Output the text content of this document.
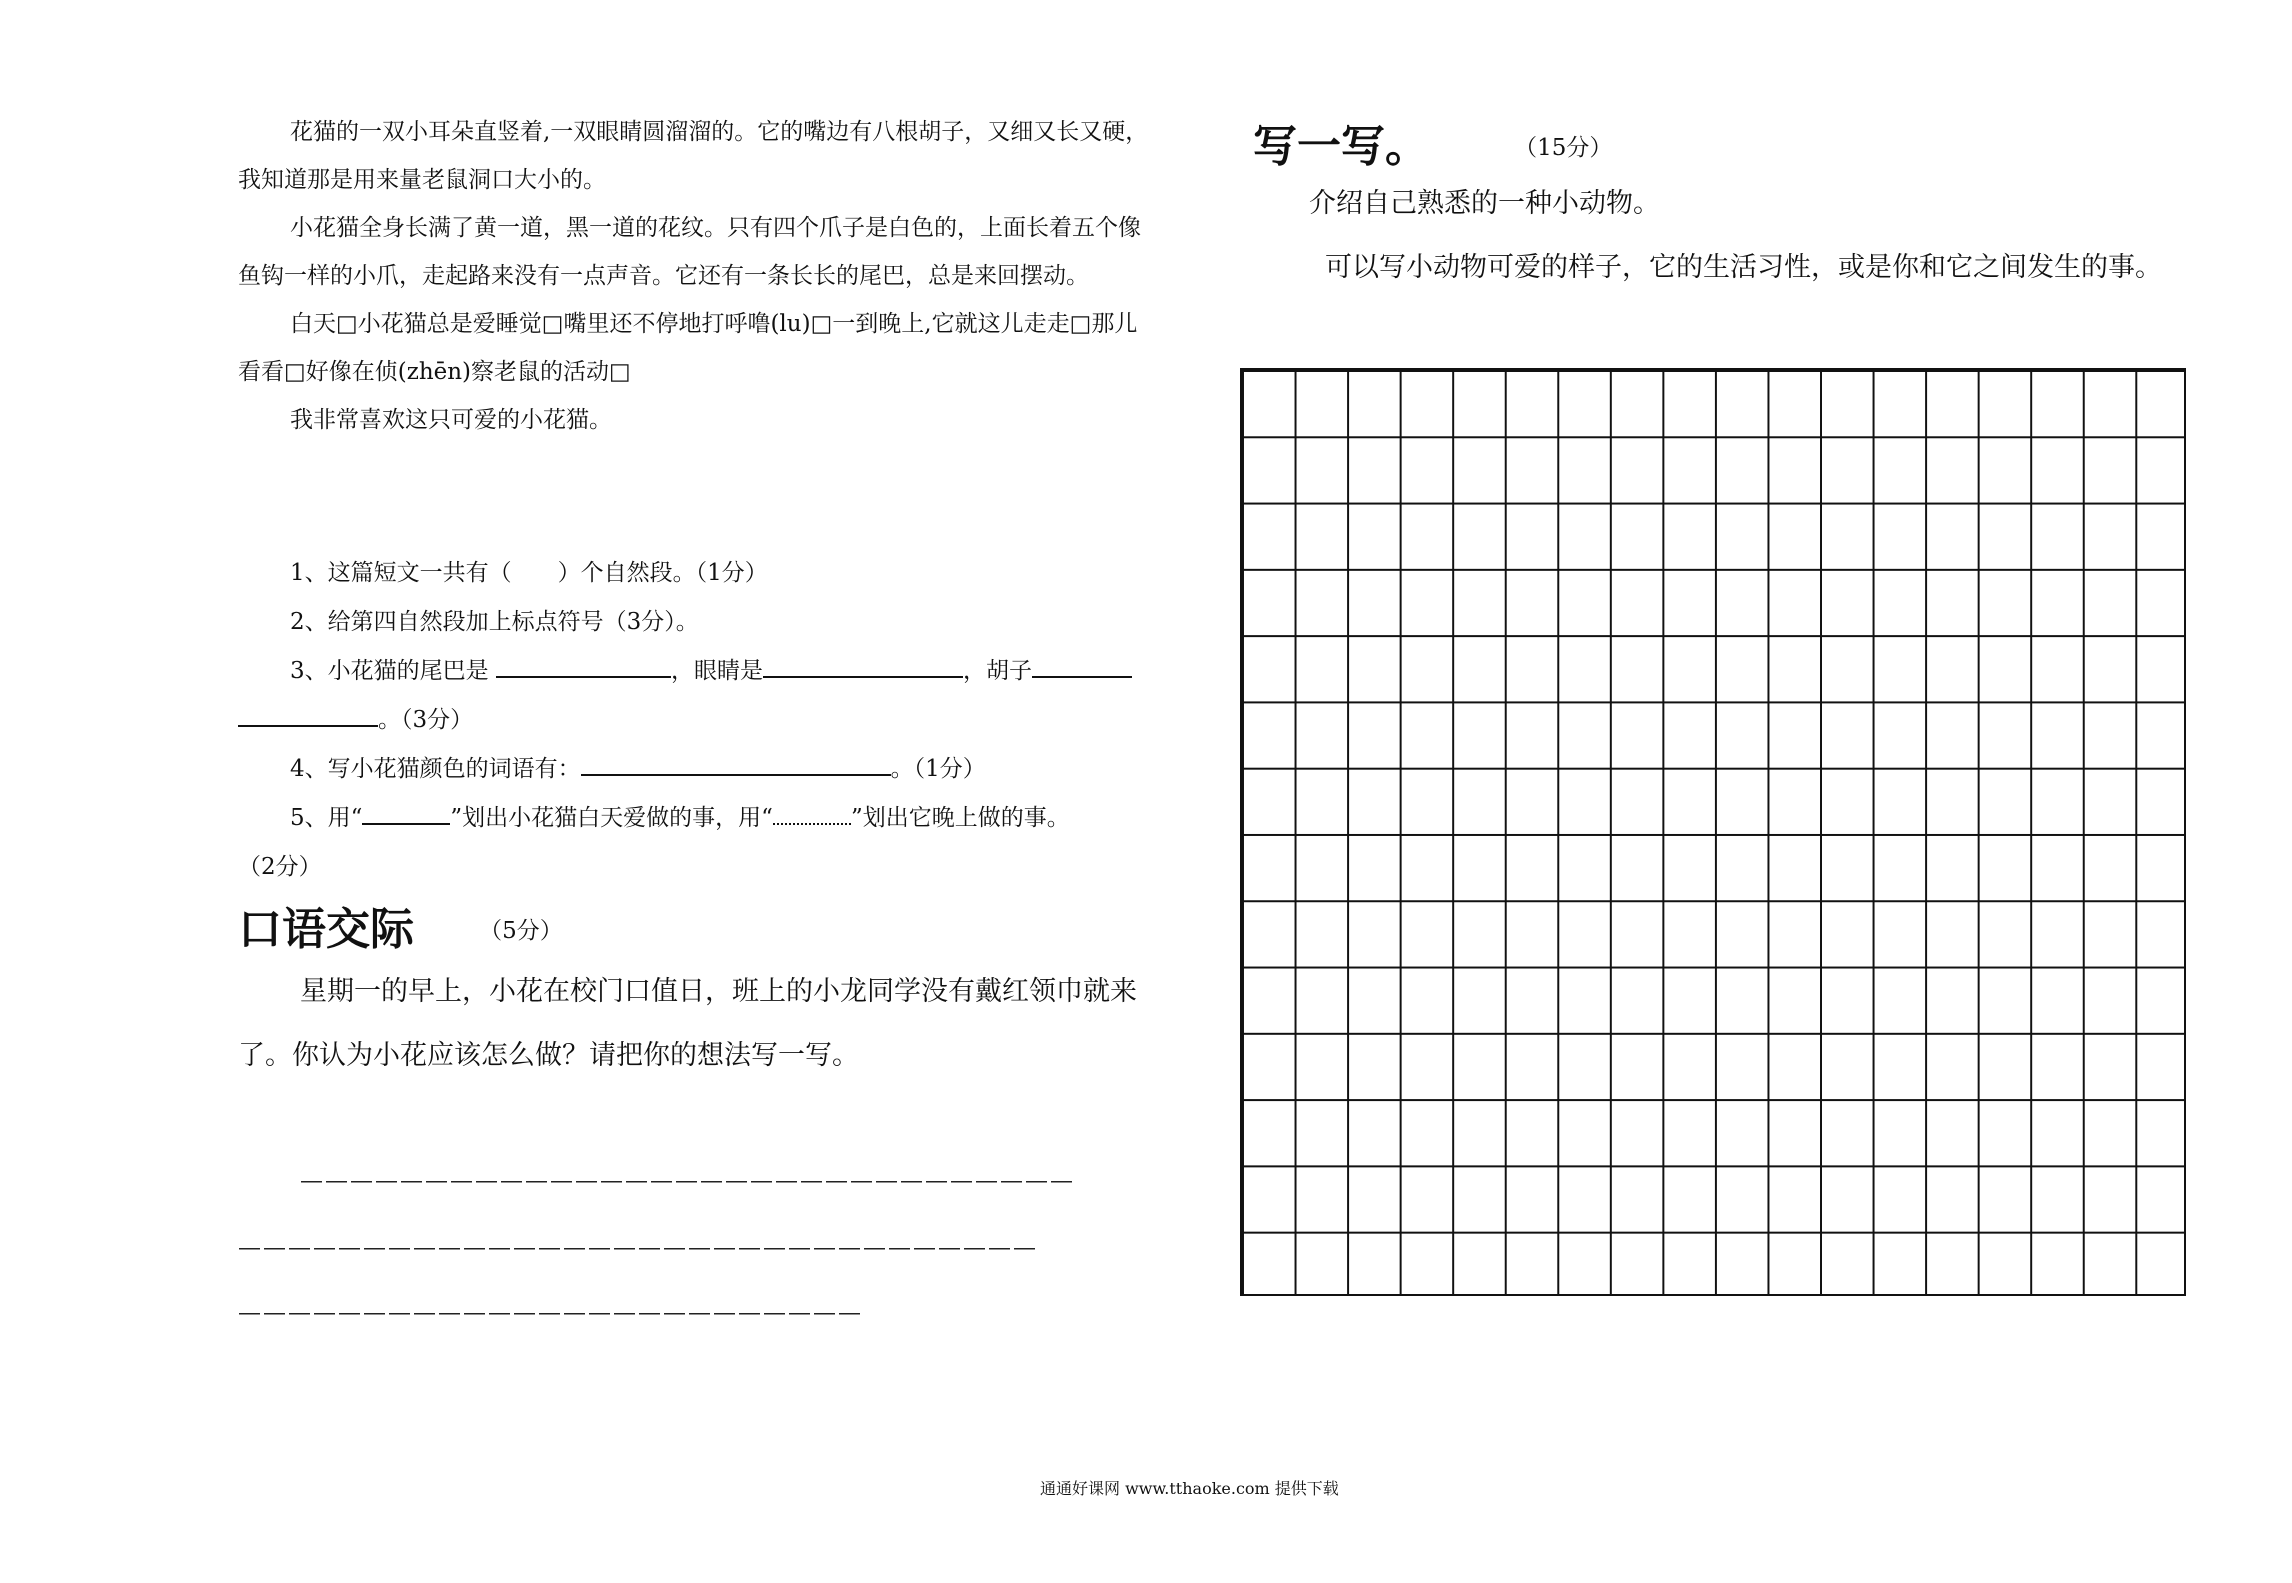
花猫的一双小耳朵直竖着,一双眼睛圆溜溜的。它的嘴边有八根胡子，又细又长又硬，我知道那是用来量老鼠洞口大小的。

小花猫全身长满了黄一道，黑一道的花纹。只有四个爪子是白色的，上面长着五个像鱼钩一样的小爪，走起路来没有一点声音。它还有一条长长的尾巴，总是来回摆动。

白天□小花猫总是爱睡觉□嘴里还不停地打呼噜(lu)□一到晚上,它就这儿走走□那儿看看□好像在侦(zhēn)察老鼠的活动□

我非常喜欢这只可爱的小花猫。

1、这篇短文一共有（　　）个自然段。（1分）
2、给第四自然段加上标点符号（3分）。
3、小花猫的尾巴是	，眼睛是	，胡子
。（3分）
4、写小花猫颜色的词语有：	。（1分）
5、用“	”划出小花猫白天爱做的事，用“	”划出它晚上做的事。
（2分）
口语交际	（5分）

星期一的早上，小花在校门口值日，班上的小龙同学没有戴红领巾就来了。你认为小花应该怎么做？请把你的想法写一写。

———————————————————————————————
————————————————————————————————
—————————————————————————
写一写。	（15分）
介绍自己熟悉的一种小动物。
可以写小动物可爱的样子，它的生活习性，或是你和它之间发生的事。
通通好课网 www.tthaoke.com 提供下载
